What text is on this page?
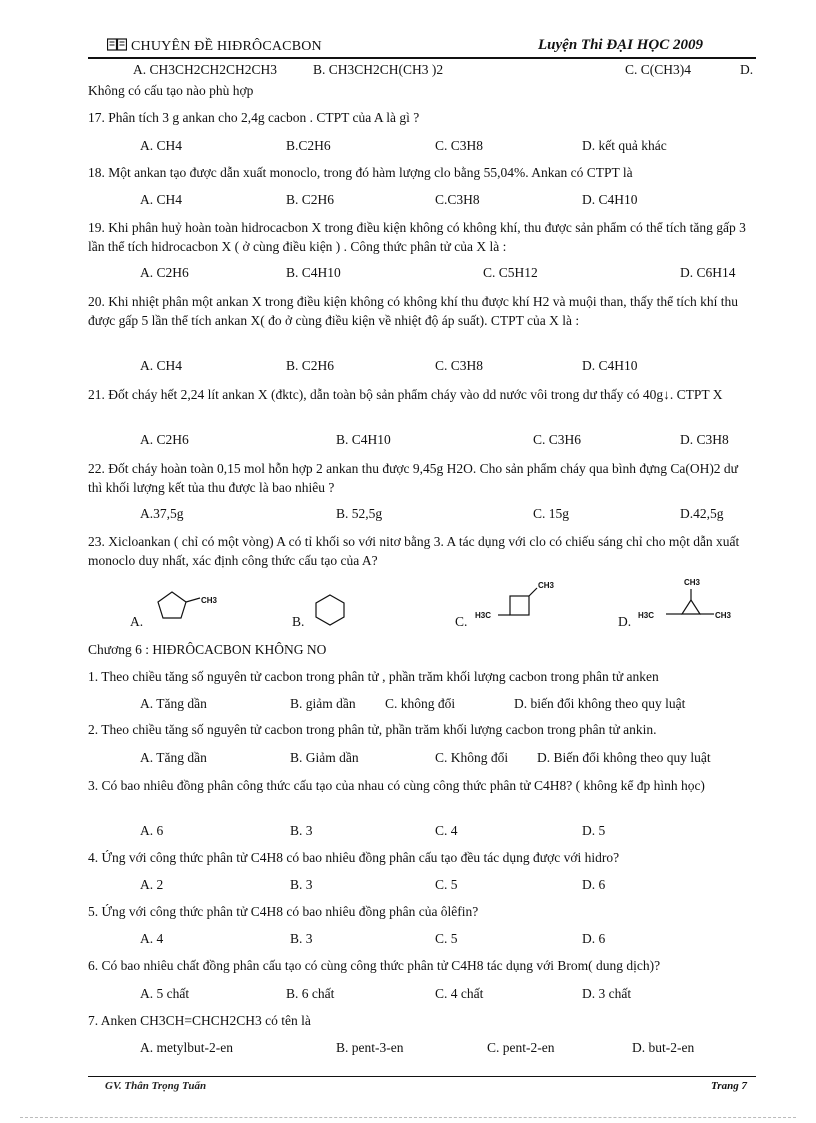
CHUYÊN ĐỀ HIĐRÔCACBON	Luyện Thi ĐẠI HỌC 2009
A. CH3CH2CH2CH2CH3	B. CH3CH2CH(CH3 )2	C. C(CH3)4	D.
Không có cấu tạo nào phù hợp
17. Phân tích 3 g ankan cho 2,4g cacbon . CTPT của A là gì ?
A. CH4	B.C2H6	C. C3H8	D. kết quả khác
18. Một ankan tạo được dẫn xuất monoclo, trong đó hàm lượng clo bằng 55,04%. Ankan có CTPT là
A. CH4	B. C2H6	C.C3H8	D. C4H10
19. Khi phân huỷ hoàn toàn hidrocacbon X trong điều kiện không có không khí, thu được sản phẩm có thể tích tăng gấp 3 lần thể tích hidrocacbon X ( ở cùng điều kiện ) . Công thức phân tử của X là :
A. C2H6	B. C4H10	C. C5H12	D. C6H14
20. Khi nhiệt phân một ankan X trong điều kiện không có không khí thu được khí H2 và muội than, thấy thể tích khí thu được gấp 5 lần thể tích ankan X( đo ở cùng điều kiện về nhiệt độ áp suất). CTPT của X là :
A. CH4	B. C2H6	C. C3H8	D. C4H10
21. Đốt cháy hết 2,24 lít ankan X (đktc), dẫn toàn bộ sản phẩm cháy vào dd nước vôi trong dư thấy có 40g↓. CTPT X
A. C2H6	B. C4H10	C. C3H6	D. C3H8
22. Đốt cháy hoàn toàn 0,15 mol hỗn hợp 2 ankan thu được 9,45g H2O. Cho sản phẩm cháy qua bình đựng Ca(OH)2 dư thì khối lượng kết tủa thu được là bao nhiêu ?
A.37,5g	B. 52,5g	C. 15g	D.42,5g
23. Xicloankan ( chỉ có một vòng) A có tỉ khối so với nitơ bằng 3. A tác dụng với clo có chiếu sáng chỉ cho một dẫn xuất monoclo duy nhất, xác định công thức cấu tạo của A?
A.	B.	C.	D.
CH3
CH3
H3C
CH3
H3C	CH3
Chương 6 : HIĐRÔCACBON KHÔNG NO
1. Theo chiều tăng số nguyên tử cacbon trong phân tử , phần trăm khối lượng cacbon trong phân tử anken
A. Tăng dần	B. giảm dần C. không đổi	D. biến đổi không theo quy luật
2. Theo chiều tăng số nguyên tử cacbon trong phân tử, phần trăm khối lượng cacbon trong phân tử ankin.
A. Tăng dần	B. Giảm dần	C. Không đổi D. Biến đổi không theo quy luật
3. Có bao nhiêu đồng phân công thức cấu tạo của nhau có cùng công thức phân tử C4H8? ( không kể đp hình học)
A. 6	B. 3	C. 4	D. 5
4. Ứng với công thức phân tử C4H8 có bao nhiêu đồng phân cấu tạo đều tác dụng được với hidro?
A. 2	B. 3	C. 5	D. 6
5. Ứng với công thức phân tử C4H8 có bao nhiêu đồng phân của ôlêfin?
A. 4	B. 3	C. 5	D. 6
6. Có bao nhiêu chất đồng phân cấu tạo có cùng công thức phân tử C4H8 tác dụng với Brom( dung dịch)?
A. 5 chất	B. 6 chất	C. 4 chất	D. 3 chất
7. Anken CH3CH=CHCH2CH3 có tên là
A. metylbut-2-en	B. pent-3-en	C. pent-2-en	D. but-2-en
GV. Thân Trọng Tuấn	Trang 7
